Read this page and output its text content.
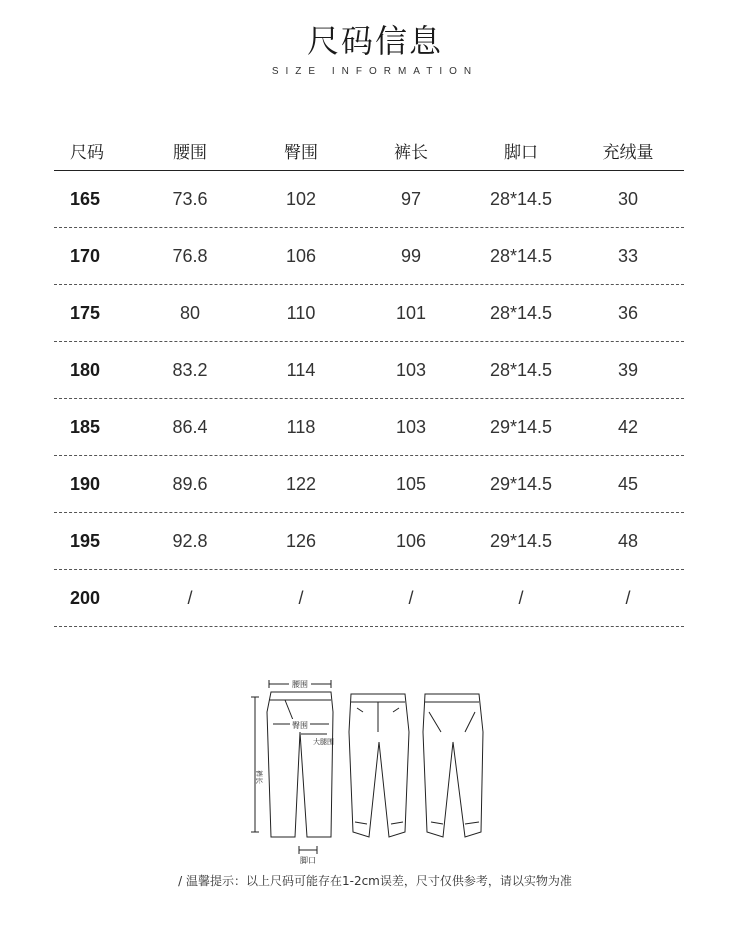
尺码信息
SIZE INFORMATION
尺码	腰围	臀围	裤长	脚口	充绒量
165	73.6	102	97	28*14.5	30
170	76.8	106	99	28*14.5	33
175	80	110	101	28*14.5	36
180	83.2	114	103	28*14.5	39
185	86.4	118	103	29*14.5	42
190	89.6	122	105	29*14.5	45
195	92.8	126	106	29*14.5	48
200	/	/	/	/	/
腰围
臀围
大腿围
裤长
脚口
/ 温馨提示：以上尺码可能存在1-2cm误差，尺寸仅供参考，请以实物为准
